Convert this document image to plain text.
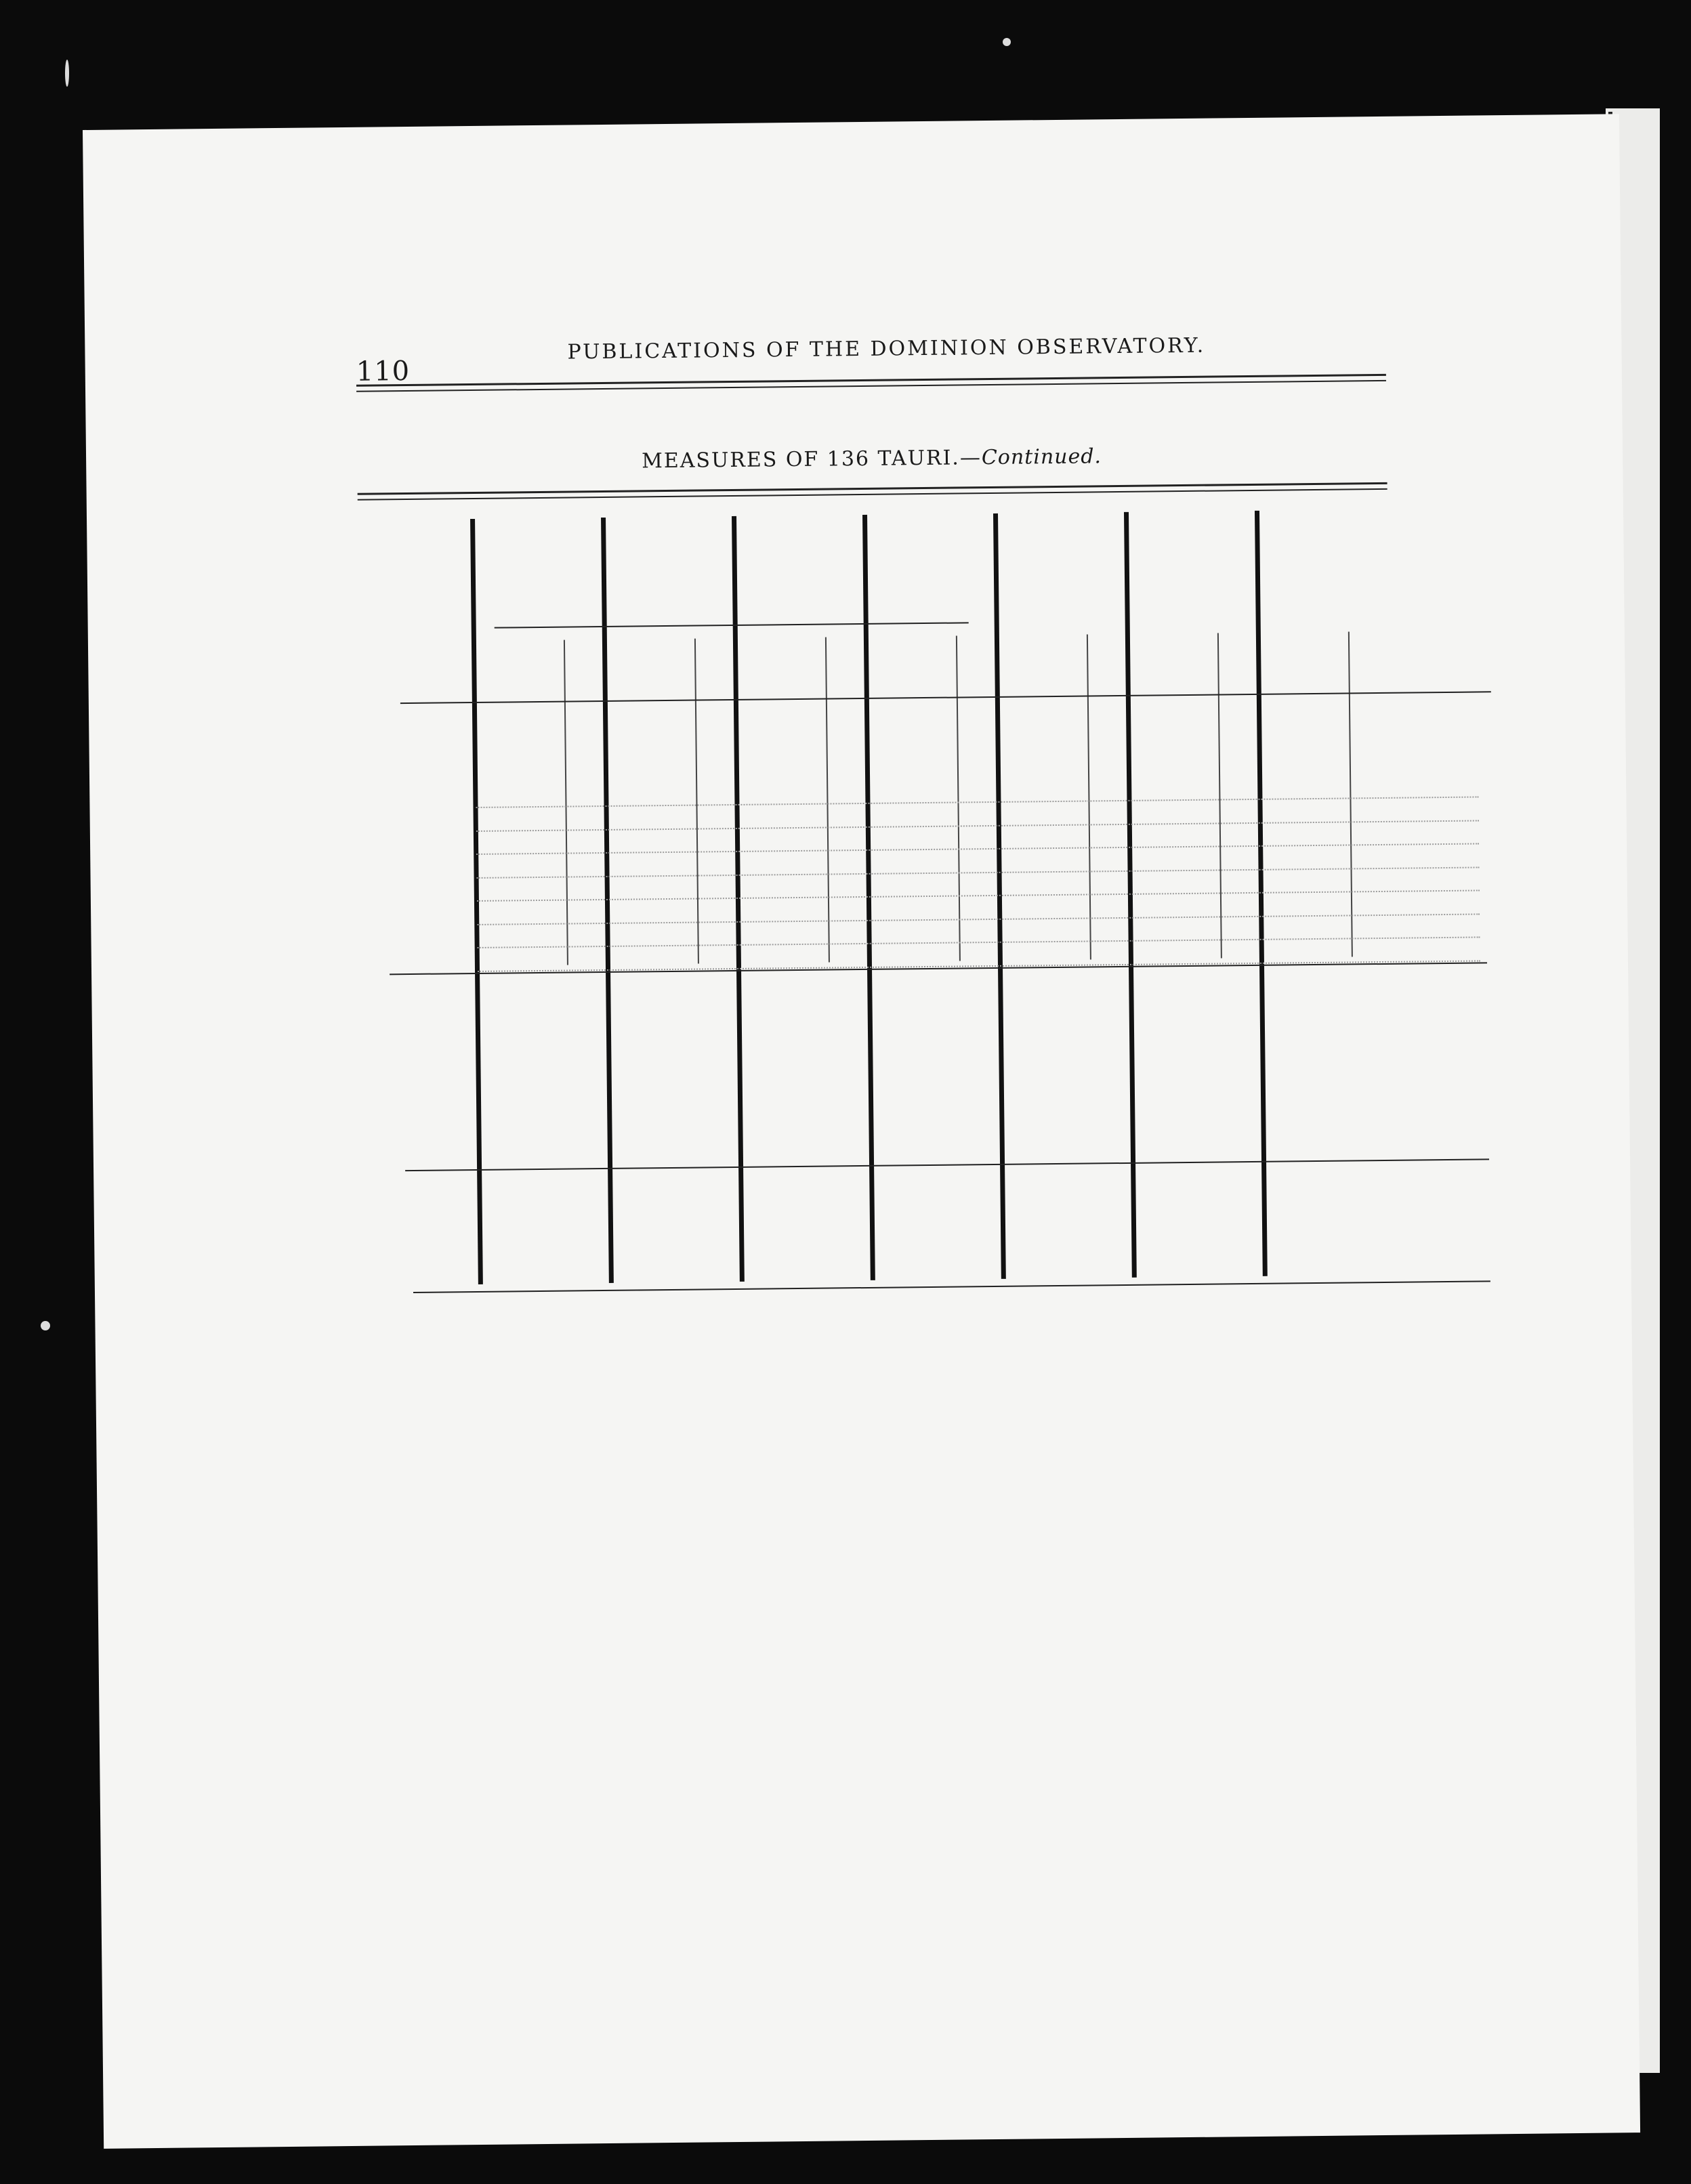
110
PUBLICATIONS OF THE DOMINION OBSERVATORY.
MEASURES OF 136 TAURI.—Continued.
